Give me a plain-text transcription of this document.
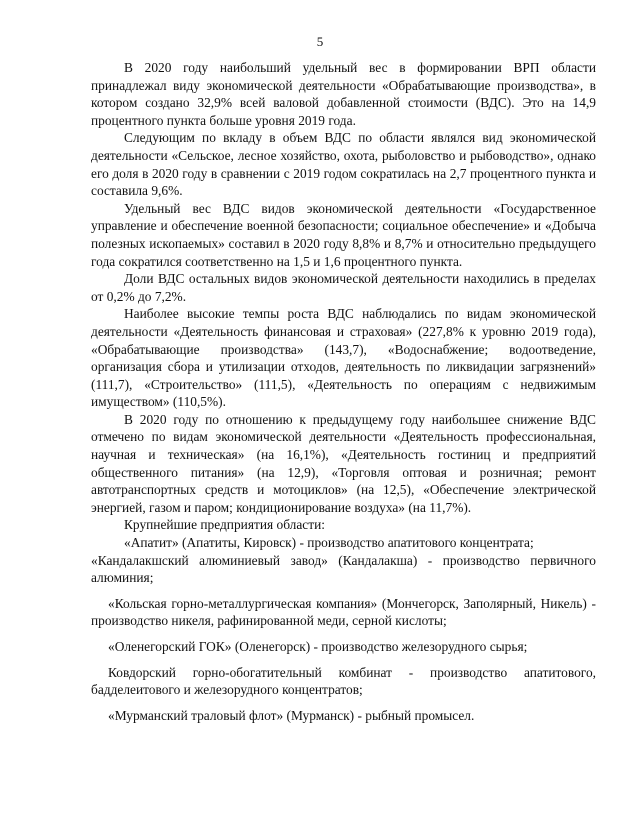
5

В 2020 году наибольший удельный вес в формировании ВРП области принадлежал виду экономической деятельности «Обрабатывающие производства», в котором создано 32,9% всей валовой добавленной стоимости (ВДС). Это на 14,9 процентного пункта больше уровня 2019 года.

Следующим по вкладу в объем ВДС по области являлся вид экономической деятельности «Сельское, лесное хозяйство, охота, рыболовство и рыбоводство», однако его доля в 2020 году в сравнении с 2019 годом сократилась на 2,7 процентного пункта и составила 9,6%.

Удельный вес ВДС видов экономической деятельности «Государственное управление и обеспечение военной безопасности; социальное обеспечение» и «Добыча полезных ископаемых» составил в 2020 году 8,8% и 8,7% и относительно предыдущего года сократился соответственно на 1,5 и 1,6 процентного пункта.

Доли ВДС остальных видов экономической деятельности находились в пределах от 0,2% до 7,2%.

Наиболее высокие темпы роста ВДС наблюдались по видам экономической деятельности «Деятельность финансовая и страховая» (227,8% к уровню 2019 года), «Обрабатывающие производства» (143,7), «Водоснабжение; водоотведение, организация сбора и утилизации отходов, деятельность по ликвидации загрязнений» (111,7), «Строительство» (111,5), «Деятельность по операциям с недвижимым имуществом» (110,5%).

В 2020 году по отношению к предыдущему году наибольшее снижение ВДС отмечено по видам экономической деятельности «Деятельность профессиональная, научная и техническая» (на 16,1%), «Деятельность гостиниц и предприятий общественного питания» (на 12,9), «Торговля оптовая и розничная; ремонт автотранспортных средств и мотоциклов» (на 12,5), «Обеспечение электрической энергией, газом и паром; кондиционирование воздуха» (на 11,7%).

Крупнейшие предприятия области:

«Апатит» (Апатиты, Кировск) - производство апатитового концентрата;

«Кандалакшский алюминиевый завод» (Кандалакша) - производство первичного алюминия;

«Кольская горно-металлургическая компания» (Мончегорск, Заполярный, Никель) - производство никеля, рафинированной меди, серной кислоты;

«Оленегорский ГОК» (Оленегорск) - производство железорудного сырья;

Ковдорский горно-обогатительный комбинат - производство апатитового, бадделеитового и железорудного концентратов;

«Мурманский траловый флот» (Мурманск) - рыбный промысел.
